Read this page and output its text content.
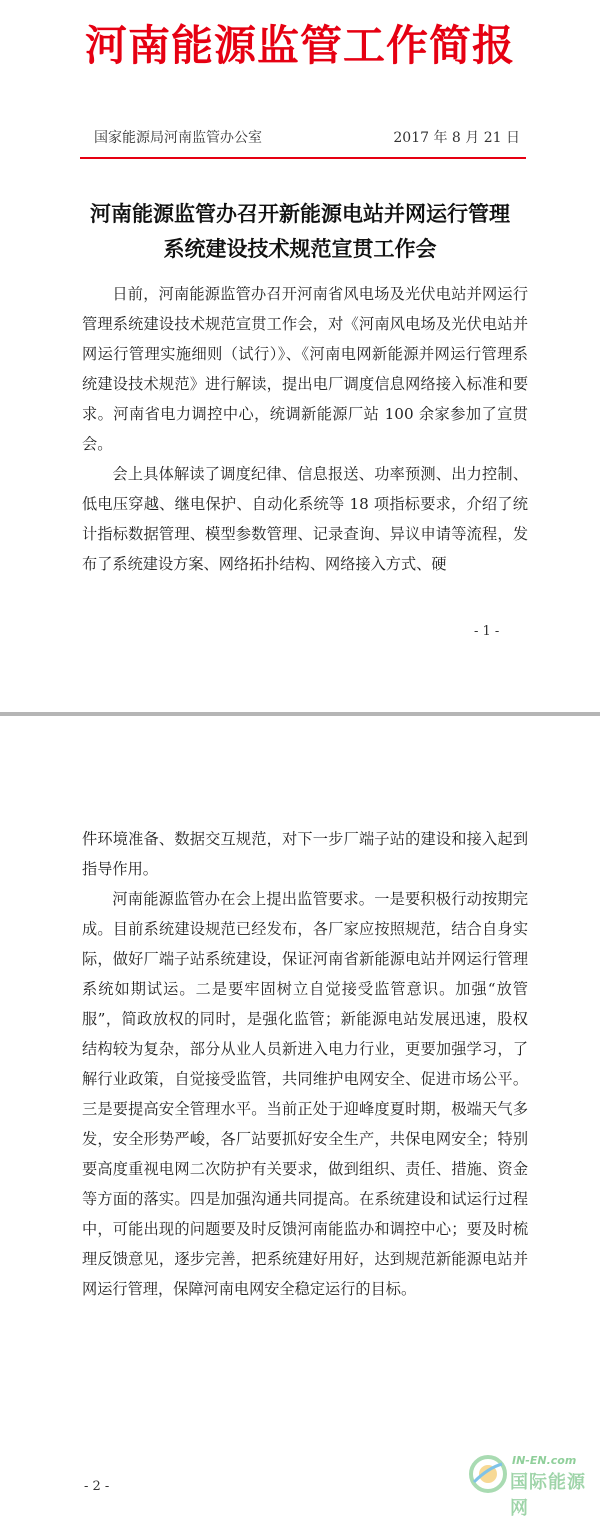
河南能源监管工作简报
国家能源局河南监管办公室	2017 年 8 月 21 日
河南能源监管办召开新能源电站并网运行管理
系统建设技术规范宣贯工作会

日前，河南能源监管办召开河南省风电场及光伏电站并网运行管理系统建设技术规范宣贯工作会，对《河南风电场及光伏电站并网运行管理实施细则（试行）》、《河南电网新能源并网运行管理系统建设技术规范》进行解读，提出电厂调度信息网络接入标准和要求。河南省电力调控中心，统调新能源厂站 100 余家参加了宣贯会。

会上具体解读了调度纪律、信息报送、功率预测、出力控制、低电压穿越、继电保护、自动化系统等 18 项指标要求，介绍了统计指标数据管理、模型参数管理、记录查询、异议申请等流程，发布了系统建设方案、网络拓扑结构、网络接入方式、硬

- 1 -

件环境准备、数据交互规范，对下一步厂端子站的建设和接入起到指导作用。

河南能源监管办在会上提出监管要求。一是要积极行动按期完成。目前系统建设规范已经发布，各厂家应按照规范，结合自身实际，做好厂端子站系统建设，保证河南省新能源电站并网运行管理系统如期试运。二是要牢固树立自觉接受监管意识。加强“放管服”，简政放权的同时，是强化监管；新能源电站发展迅速，股权结构较为复杂，部分从业人员新进入电力行业，更要加强学习，了解行业政策，自觉接受监管，共同维护电网安全、促进市场公平。三是要提高安全管理水平。当前正处于迎峰度夏时期，极端天气多发，安全形势严峻，各厂站要抓好安全生产，共保电网安全；特别要高度重视电网二次防护有关要求，做到组织、责任、措施、资金等方面的落实。四是加强沟通共同提高。在系统建设和试运行过程中，可能出现的问题要及时反馈河南能监办和调控中心；要及时梳理反馈意见，逐步完善，把系统建好用好，达到规范新能源电站并网运行管理，保障河南电网安全稳定运行的目标。

- 2 -
IN-EN.com
国际能源网
